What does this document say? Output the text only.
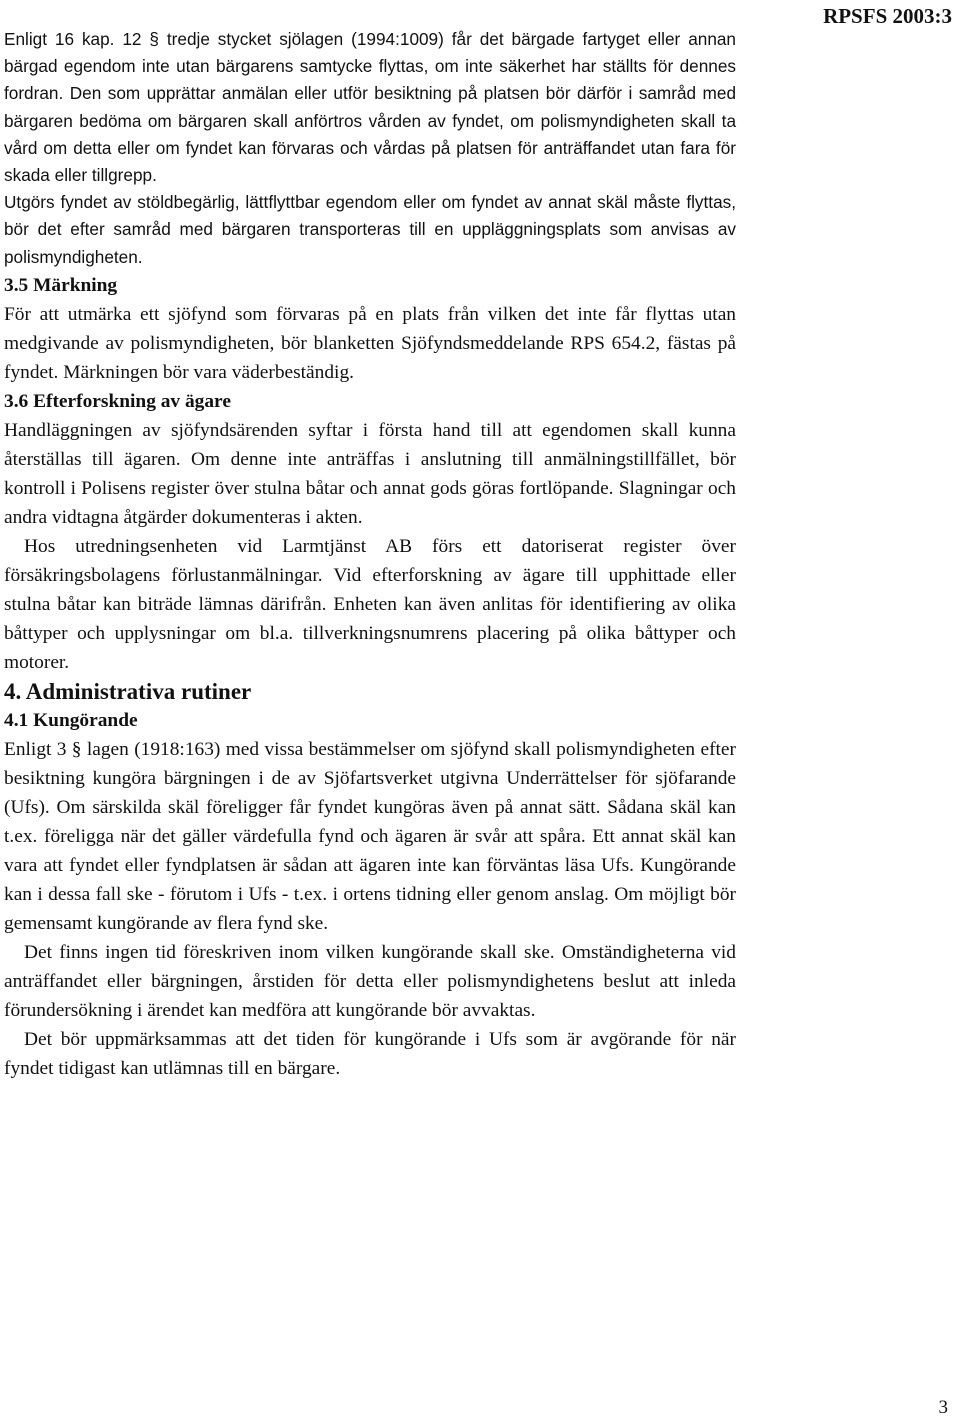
RPSFS 2003:3

Enligt 16 kap. 12 § tredje stycket sjölagen (1994:1009) får det bärgade fartyget eller annan bärgad egendom inte utan bärgarens samtycke flyttas, om inte säkerhet har ställts för dennes fordran. Den som upprättar anmälan eller utför besiktning på platsen bör därför i samråd med bärgaren bedöma om bärgaren skall anförtros vården av fyndet, om polismyndigheten skall ta vård om detta eller om fyndet kan förvaras och vårdas på platsen för anträffandet utan fara för skada eller tillgrepp.

Utgörs fyndet av stöldbegärlig, lättflyttbar egendom eller om fyndet av annat skäl måste flyttas, bör det efter samråd med bärgaren transporteras till en uppläggningsplats som anvisas av polismyndigheten.

3.5 Märkning

För att utmärka ett sjöfynd som förvaras på en plats från vilken det inte får flyttas utan medgivande av polismyndigheten, bör blanketten Sjöfyndsmeddelande RPS 654.2, fästas på fyndet. Märkningen bör vara väderbeständig.

3.6 Efterforskning av ägare

Handläggningen av sjöfyndsärenden syftar i första hand till att egendomen skall kunna återställas till ägaren. Om denne inte anträffas i anslutning till anmälningstillfället, bör kontroll i Polisens register över stulna båtar och annat gods göras fortlöpande. Slagningar och andra vidtagna åtgärder dokumenteras i akten.

Hos utredningsenheten vid Larmtjänst AB förs ett datoriserat register över försäkringsbolagens förlustanmälningar. Vid efterforskning av ägare till upphittade eller stulna båtar kan biträde lämnas därifrån. Enheten kan även anlitas för identifiering av olika båttyper och upplysningar om bl.a. tillverkningsnumrens placering på olika båttyper och motorer.

4. Administrativa rutiner
4.1 Kungörande

Enligt 3 § lagen (1918:163) med vissa bestämmelser om sjöfynd skall polismyndigheten efter besiktning kungöra bärgningen i de av Sjöfartsverket utgivna Underrättelser för sjöfarande (Ufs). Om särskilda skäl föreligger får fyndet kungöras även på annat sätt. Sådana skäl kan t.ex. föreligga när det gäller värdefulla fynd och ägaren är svår att spåra. Ett annat skäl kan vara att fyndet eller fyndplatsen är sådan att ägaren inte kan förväntas läsa Ufs. Kungörande kan i dessa fall ske - förutom i Ufs - t.ex. i ortens tidning eller genom anslag. Om möjligt bör gemensamt kungörande av flera fynd ske.

Det finns ingen tid föreskriven inom vilken kungörande skall ske. Omständigheterna vid anträffandet eller bärgningen, årstiden för detta eller polismyndighetens beslut att inleda förundersökning i ärendet kan medföra att kungörande bör avvaktas.

Det bör uppmärksammas att det tiden för kungörande i Ufs som är avgörande för när fyndet tidigast kan utlämnas till en bärgare.

3
